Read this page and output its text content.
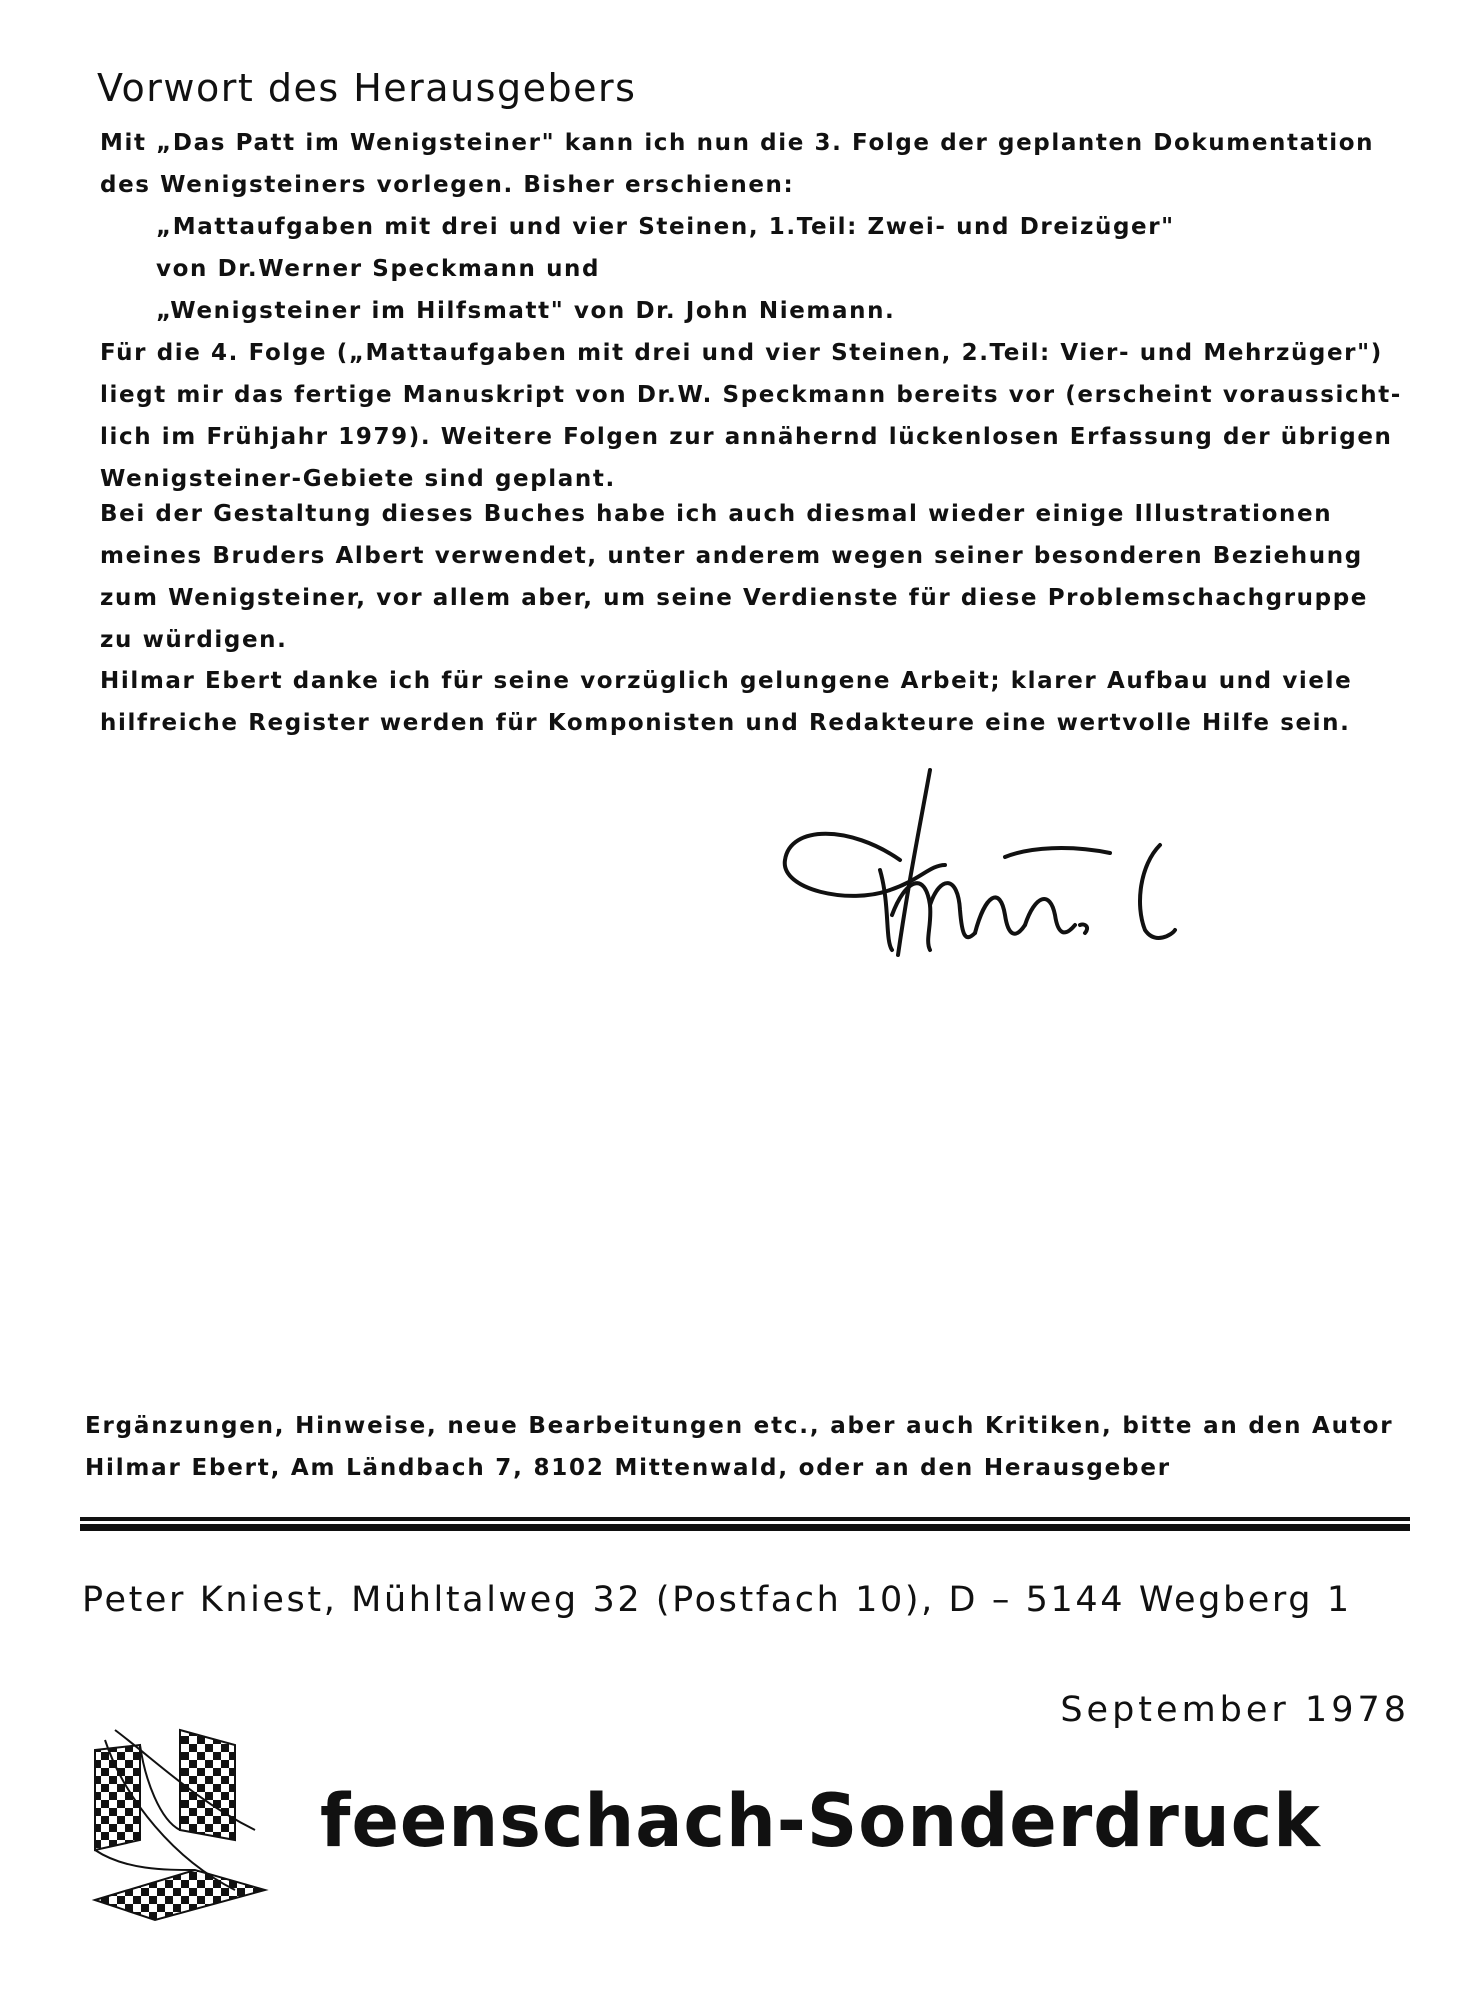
Vorwort des Herausgebers
Mit „Das Patt im Wenigsteiner" kann ich nun die 3. Folge der geplanten Dokumentation
des Wenigsteiners vorlegen. Bisher erschienen:
„Mattaufgaben mit drei und vier Steinen, 1.Teil: Zwei- und Dreizüger"
von Dr.Werner Speckmann und
„Wenigsteiner im Hilfsmatt" von Dr. John Niemann.
Für die 4. Folge („Mattaufgaben mit drei und vier Steinen, 2.Teil: Vier- und Mehrzüger")
liegt mir das fertige Manuskript von Dr.W. Speckmann bereits vor (erscheint voraussicht-
lich im Frühjahr 1979). Weitere Folgen zur annähernd lückenlosen Erfassung der übrigen
Wenigsteiner-Gebiete sind geplant.
Bei der Gestaltung dieses Buches habe ich auch diesmal wieder einige Illustrationen
meines Bruders Albert verwendet, unter anderem wegen seiner besonderen Beziehung
zum Wenigsteiner, vor allem aber, um seine Verdienste für diese Problemschachgruppe
zu würdigen.
Hilmar Ebert danke ich für seine vorzüglich gelungene Arbeit; klarer Aufbau und viele
hilfreiche Register werden für Komponisten und Redakteure eine wertvolle Hilfe sein.
Ergänzungen, Hinweise, neue Bearbeitungen etc., aber auch Kritiken, bitte an den Autor
Hilmar Ebert, Am Ländbach 7, 8102 Mittenwald, oder an den Herausgeber
Peter Kniest, Mühltalweg 32 (Postfach 10), D – 5144 Wegberg 1
September 1978
feenschach-Sonderdruck
